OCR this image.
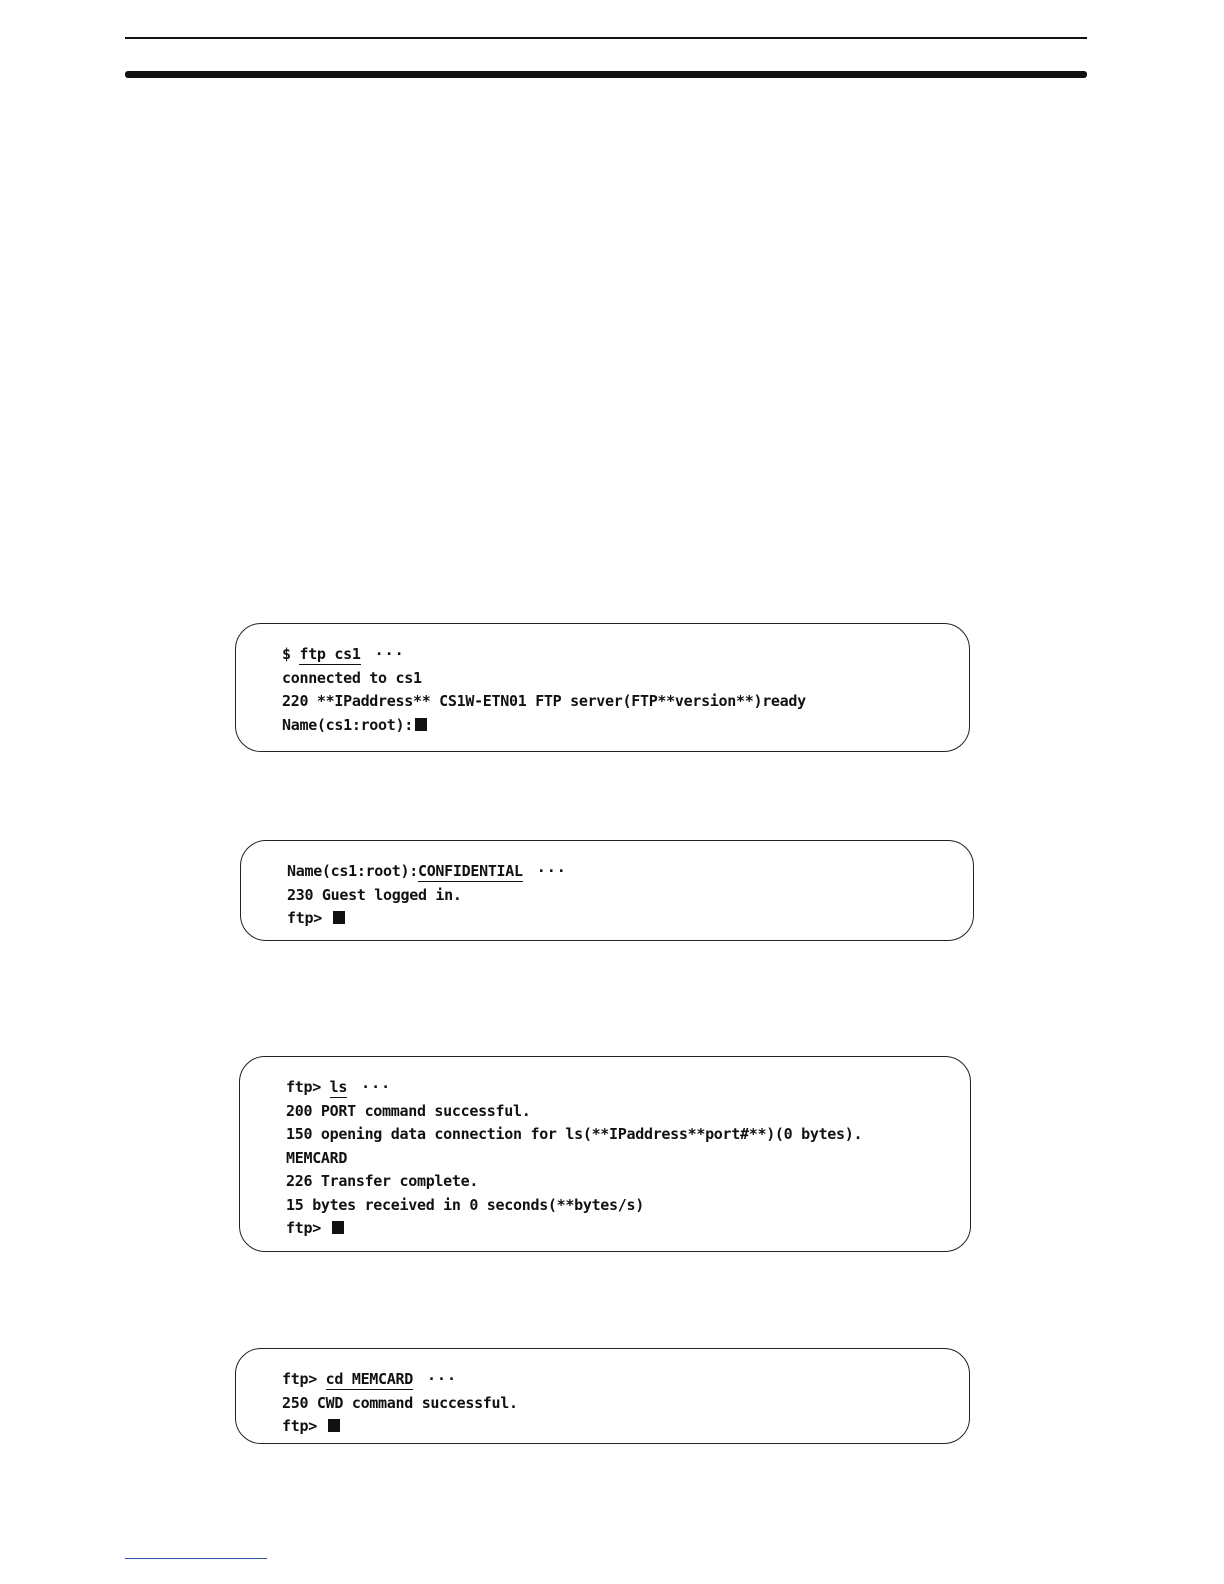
$ ftp cs1 ···
connected to cs1
220 **IPaddress** CS1W-ETN01 FTP server(FTP**version**)ready
Name(cs1:root):
Name(cs1:root):CONFIDENTIAL ···
230 Guest logged in.
ftp>
ftp> ls ···
200 PORT command successful.
150 opening data connection for ls(**IPaddress**port#**)(0 bytes).
MEMCARD
226 Transfer complete.
15 bytes received in 0 seconds(**bytes/s)
ftp>
ftp> cd MEMCARD ···
250 CWD command successful.
ftp>
